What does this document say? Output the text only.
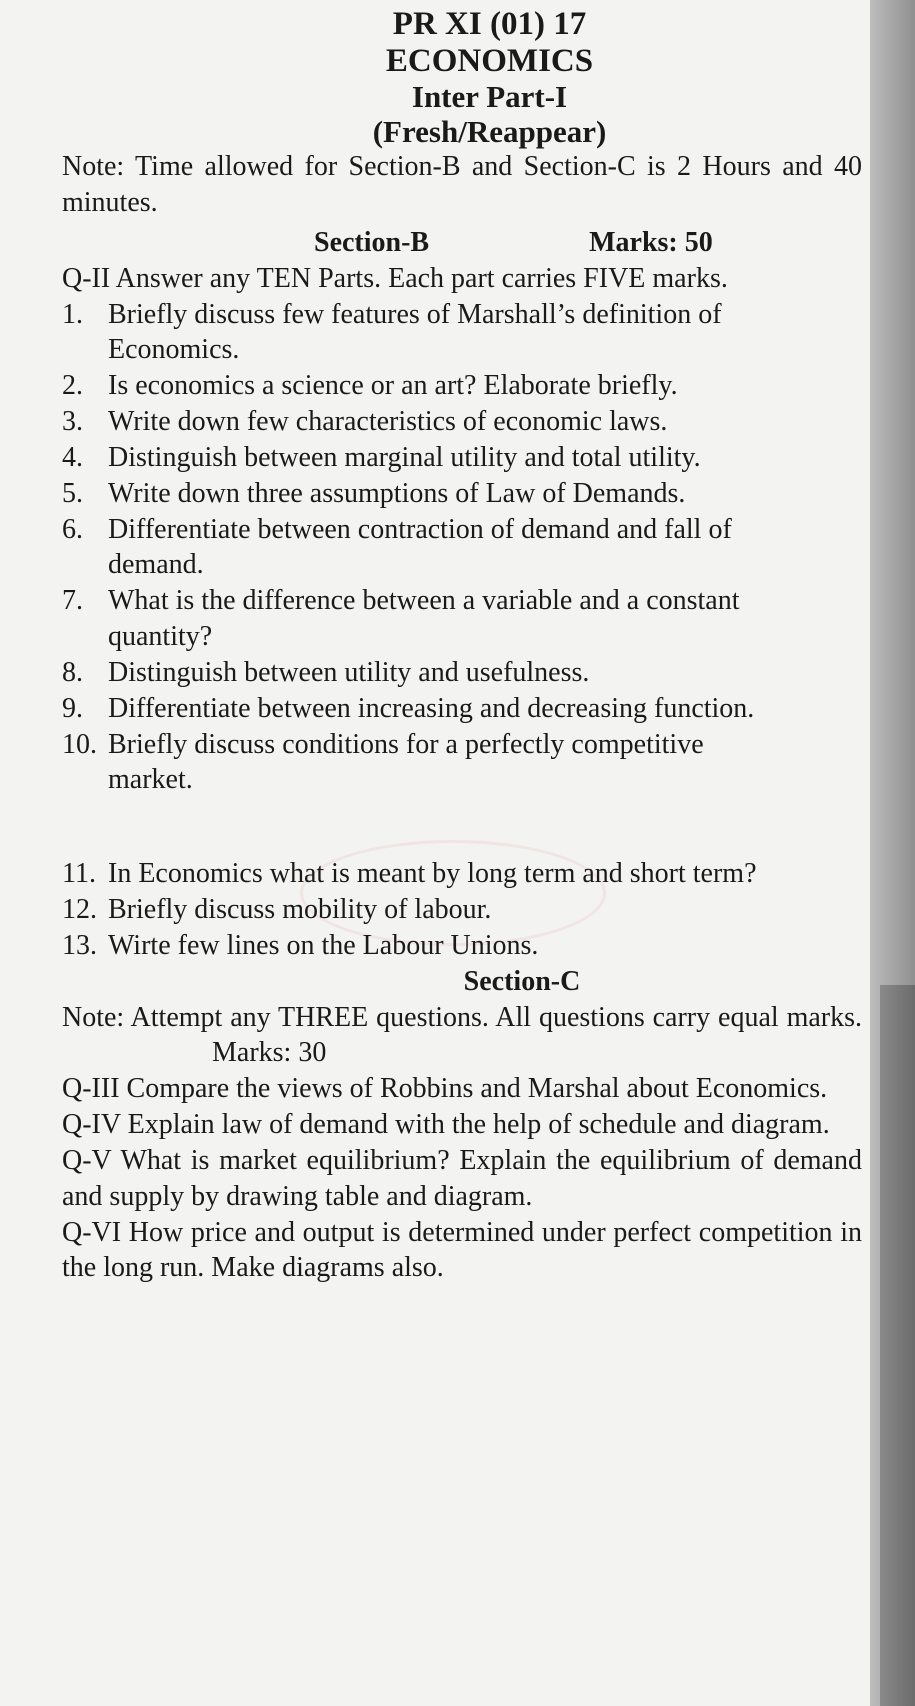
PR XI (01) 17
ECONOMICS
Inter Part-I
(Fresh/Reappear)

Note: Time allowed for Section-B and Section-C is 2 Hours and 40 minutes.

Section-B	Marks: 50

Q-II Answer any TEN Parts. Each part carries FIVE marks.

1. Briefly discuss few features of Marshall’s definition of Economics.
2. Is economics a science or an art? Elaborate briefly.
3. Write down few characteristics of economic laws.
4. Distinguish between marginal utility and total utility.
5. Write down three assumptions of Law of Demands.
6. Differentiate between contraction of demand and fall of demand.
7. What is the difference between a variable and a constant quantity?
8. Distinguish between utility and usefulness.
9. Differentiate between increasing and decreasing function.
10. Briefly discuss conditions for a perfectly competitive market.
11. In Economics what is meant by long term and short term?
12. Briefly discuss mobility of labour.
13. Wirte few lines on the Labour Unions.
Section-C

Note: Attempt any THREE questions. All questions carry equal marks. Marks: 30

Q-III Compare the views of Robbins and Marshal about Economics.

Q-IV Explain law of demand with the help of schedule and diagram.

Q-V What is market equilibrium? Explain the equilibrium of demand and supply by drawing table and diagram.

Q-VI How price and output is determined under perfect competition in the long run. Make diagrams also.
